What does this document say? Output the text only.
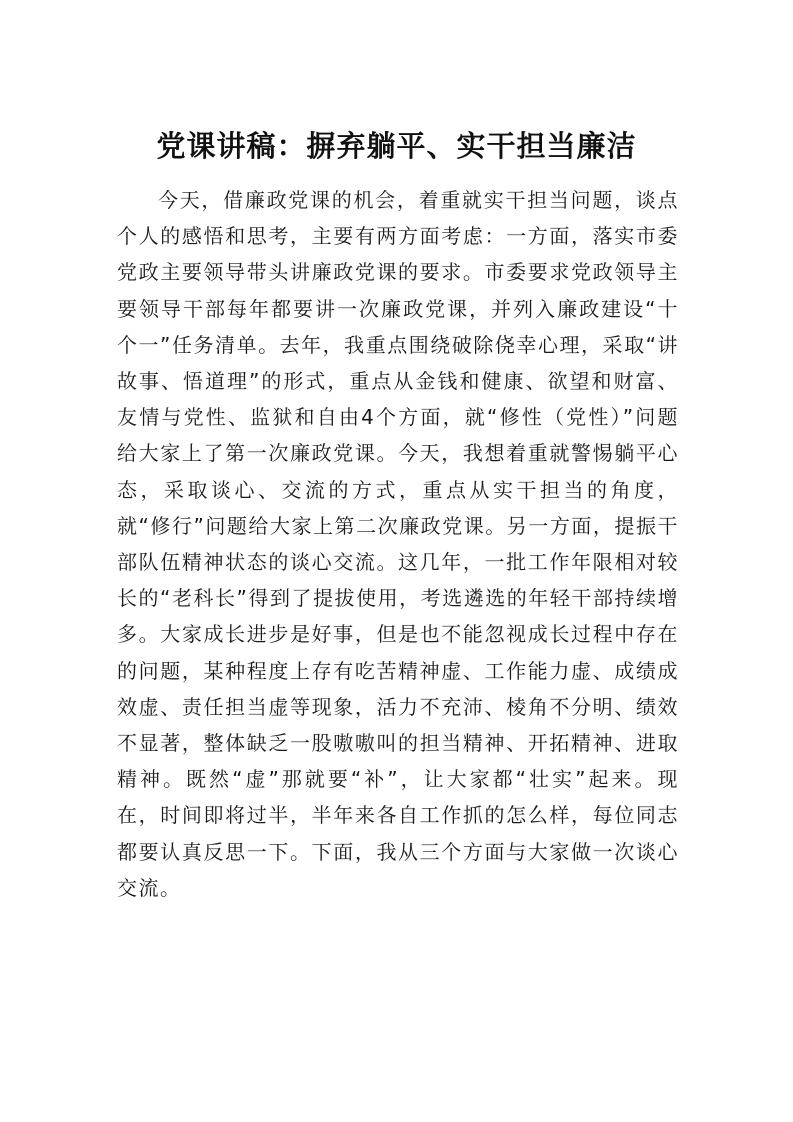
党课讲稿：摒弃躺平、实干担当廉洁

今天，借廉政党课的机会，着重就实干担当问题，谈点个人的感悟和思考，主要有两方面考虑：一方面，落实市委党政主要领导带头讲廉政党课的要求。市委要求党政领导主要领导干部每年都要讲一次廉政党课，并列入廉政建设“十个一”任务清单。去年，我重点围绕破除侥幸心理，采取“讲故事、悟道理”的形式，重点从金钱和健康、欲望和财富、友情与党性、监狱和自由4个方面，就“修性（党性）”问题给大家上了第一次廉政党课。今天，我想着重就警惕躺平心态，采取谈心、交流的方式，重点从实干担当的角度，就“修行”问题给大家上第二次廉政党课。另一方面，提振干部队伍精神状态的谈心交流。这几年，一批工作年限相对较长的“老科长”得到了提拔使用，考选遴选的年轻干部持续增多。大家成长进步是好事，但是也不能忽视成长过程中存在的问题，某种程度上存有吃苦精神虚、工作能力虚、成绩成效虚、责任担当虚等现象，活力不充沛、棱角不分明、绩效不显著，整体缺乏一股嗷嗷叫的担当精神、开拓精神、进取精神。既然“虚”那就要“补”，让大家都“壮实”起来。现在，时间即将过半，半年来各自工作抓的怎么样，每位同志都要认真反思一下。下面，我从三个方面与大家做一次谈心交流。
